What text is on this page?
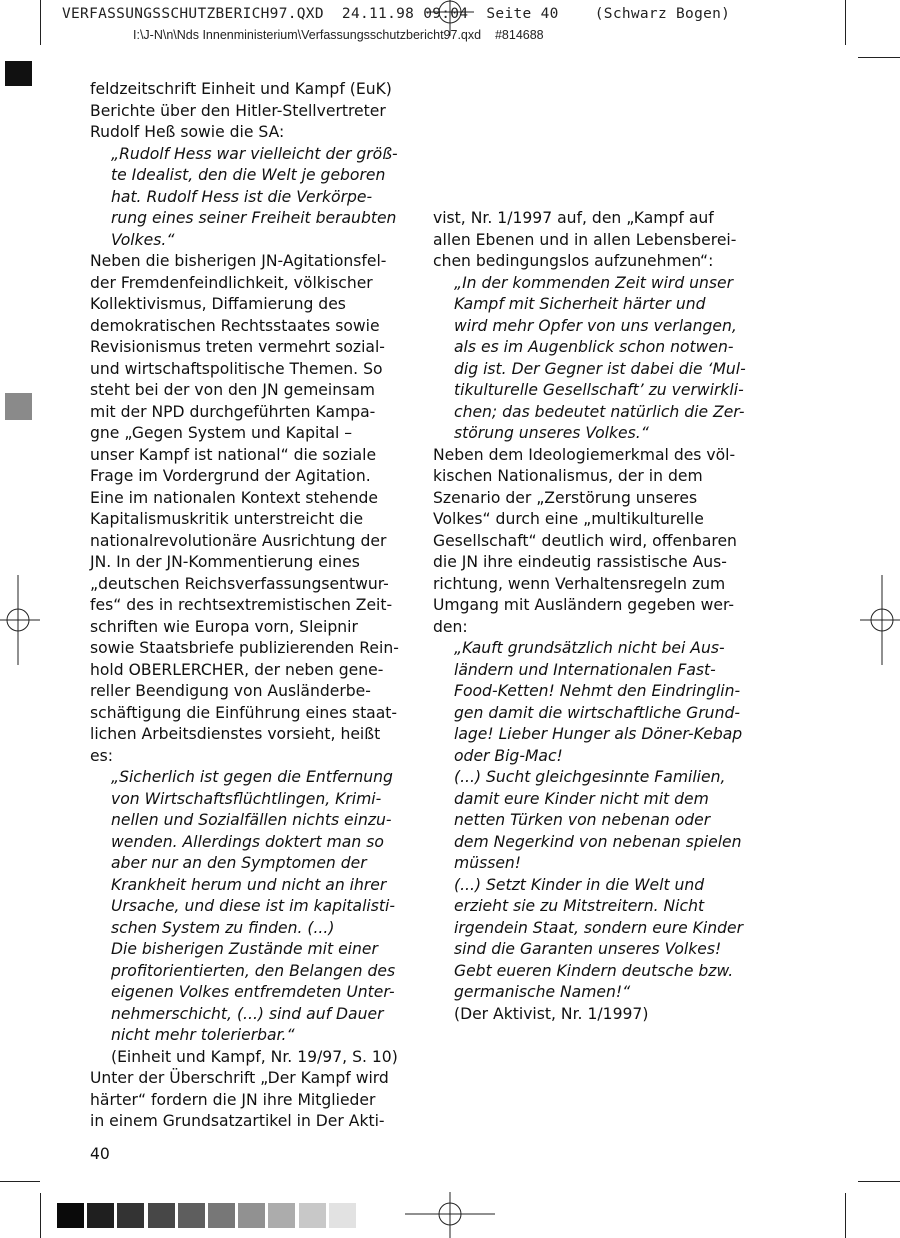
VERFASSUNGSSCHUTZBERICH97.QXD  24.11.98 09:04  Seite 40    (Schwarz Bogen)
I:\J-N\n\Nds Innenministerium\Verfassungsschutzbericht97.qxd    #814688
feldzeitschrift Einheit und Kampf (EuK)
Berichte über den Hitler-Stellvertreter
Rudolf Heß sowie die SA:
„Rudolf Hess war vielleicht der größ-
te Idealist, den die Welt je geboren
hat. Rudolf Hess ist die Verkörpe-
rung eines seiner Freiheit beraubten
Volkes.“
Neben die bisherigen JN-Agitationsfel-
der Fremdenfeindlichkeit, völkischer
Kollektivismus, Diffamierung des
demokratischen Rechtsstaates sowie
Revisionismus treten vermehrt sozial-
und wirtschaftspolitische Themen. So
steht bei der von den JN gemeinsam
mit der NPD durchgeführten Kampa-
gne „Gegen System und Kapital –
unser Kampf ist national“ die soziale
Frage im Vordergrund der Agitation.
Eine im nationalen Kontext stehende
Kapitalismuskritik unterstreicht die
nationalrevolutionäre Ausrichtung der
JN. In der JN-Kommentierung eines
„deutschen Reichsverfassungsentwur-
fes“ des in rechtsextremistischen Zeit-
schriften wie Europa vorn, Sleipnir
sowie Staatsbriefe publizierenden Rein-
hold OBERLERCHER, der neben gene-
reller Beendigung von Ausländerbe-
schäftigung die Einführung eines staat-
lichen Arbeitsdienstes vorsieht, heißt
es:
„Sicherlich ist gegen die Entfernung
von Wirtschaftsflüchtlingen, Krimi-
nellen und Sozialfällen nichts einzu-
wenden. Allerdings doktert man so
aber nur an den Symptomen der
Krankheit herum und nicht an ihrer
Ursache, und diese ist im kapitalisti-
schen System zu finden. (...)
Die bisherigen Zustände mit einer
profitorientierten, den Belangen des
eigenen Volkes entfremdeten Unter-
nehmerschicht, (...) sind auf Dauer
nicht mehr tolerierbar.“
(Einheit und Kampf, Nr. 19/97, S. 10)
Unter der Überschrift „Der Kampf wird
härter“ fordern die JN ihre Mitglieder
in einem Grundsatzartikel in Der Akti-
vist, Nr. 1/1997 auf, den „Kampf auf
allen Ebenen und in allen Lebensberei-
chen bedingungslos aufzunehmen“:
„In der kommenden Zeit wird unser
Kampf mit Sicherheit härter und
wird mehr Opfer von uns verlangen,
als es im Augenblick schon notwen-
dig ist. Der Gegner ist dabei die ‘Mul-
tikulturelle Gesellschaft’ zu verwirkli-
chen; das bedeutet natürlich die Zer-
störung unseres Volkes.“
Neben dem Ideologiemerkmal des völ-
kischen Nationalismus, der in dem
Szenario der „Zerstörung unseres
Volkes“ durch eine „multikulturelle
Gesellschaft“ deutlich wird, offenbaren
die JN ihre eindeutig rassistische Aus-
richtung, wenn Verhaltensregeln zum
Umgang mit Ausländern gegeben wer-
den:
„Kauft grundsätzlich nicht bei Aus-
ländern und Internationalen Fast-
Food-Ketten! Nehmt den Eindringlin-
gen damit die wirtschaftliche Grund-
lage! Lieber Hunger als Döner-Kebap
oder Big-Mac!
(...) Sucht gleichgesinnte Familien,
damit eure Kinder nicht mit dem
netten Türken von nebenan oder
dem Negerkind von nebenan spielen
müssen!
(...) Setzt Kinder in die Welt und
erzieht sie zu Mitstreitern. Nicht
irgendein Staat, sondern eure Kinder
sind die Garanten unseres Volkes!
Gebt eueren Kindern deutsche bzw.
germanische Namen!“
(Der Aktivist, Nr. 1/1997)
40
